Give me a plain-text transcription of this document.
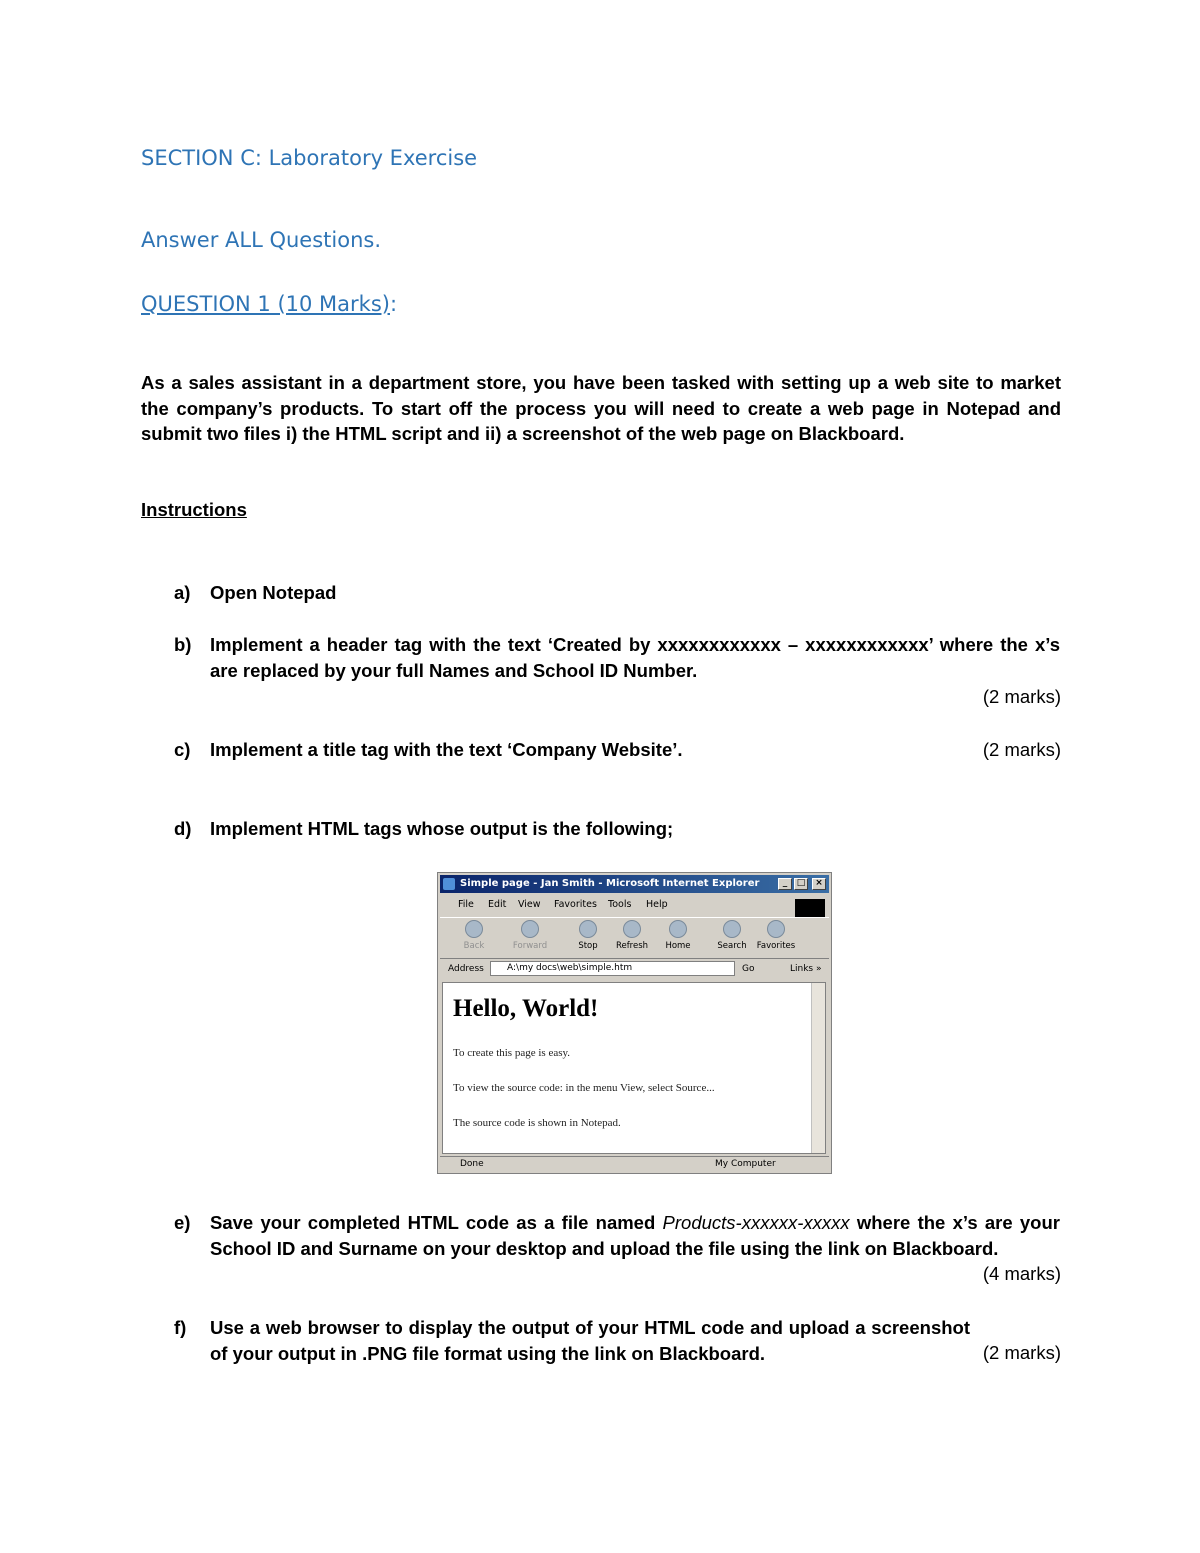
SECTION C: Laboratory Exercise
Answer ALL Questions.
QUESTION 1 (10 Marks):
As a sales assistant in a department store, you have been tasked with setting up a web site to market the company’s products. To start off the process you will need to create a web page in Notepad and submit two files i) the HTML script and ii) a screenshot of the web page on Blackboard.
Instructions
a) Open Notepad
b) Implement a header tag with the text ‘Created by xxxxxxxxxxxx – xxxxxxxxxxxx’ where the x’s are replaced by your full Names and School ID Number.
(2 marks)
c) Implement a title tag with the text ‘Company Website’.	(2 marks)
d) Implement HTML tags whose output is the following;
Simple page - Jan Smith - Microsoft Internet Explorer	_	□	×
File Edit View Favorites Tools Help
Back	Forward	Stop	Refresh	Home	Search	Favorites
Address	A:\my docs\web\simple.htm	Go	Links »
Hello, World!
To create this page is easy.
To view the source code: in the menu View, select Source...
The source code is shown in Notepad.
Done	My Computer
e) Save your completed HTML code as a file named Products-xxxxxx-xxxxx where the x’s are your School ID and Surname on your desktop and upload the file using the link on Blackboard.
(4 marks)
f) Use a web browser to display the output of your HTML code and upload a screenshot of your output in .PNG file format using the link on Blackboard.	(2 marks)
